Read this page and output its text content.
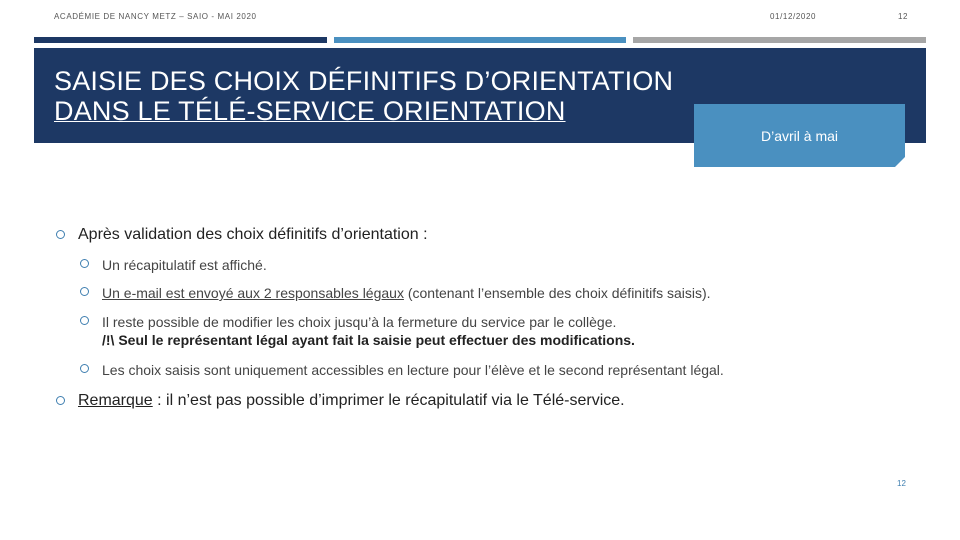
ACADÉMIE DE NANCY METZ – SAIO - MAI 2020	01/12/2020	12
SAISIE DES CHOIX DÉFINITIFS D’ORIENTATION
DANS LE TÉLÉ-SERVICE ORIENTATION
D’avril à mai
Après validation des choix définitifs d’orientation :
Un récapitulatif est affiché.
Un e-mail est envoyé aux 2 responsables légaux (contenant l’ensemble des choix définitifs saisis).
Il reste possible de modifier les choix jusqu’à la fermeture du service par le collège.
/!\ Seul le représentant légal ayant fait la saisie peut effectuer des modifications.
Les choix saisis sont uniquement accessibles en lecture pour l’élève et le second représentant légal.
Remarque : il n’est pas possible d’imprimer le récapitulatif via le Télé-service.
12
